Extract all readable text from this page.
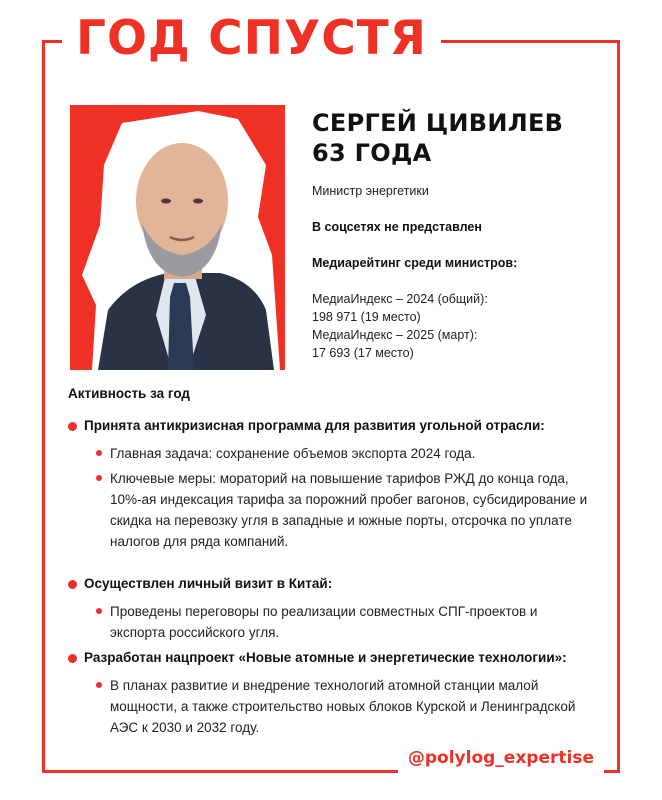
ГОД СПУСТЯ
СЕРГЕЙ ЦИВИЛЕВ
63 ГОДА
Министр энергетики
В соцсетях не представлен
Медиарейтинг среди министров:
МедиаИндекс – 2024 (общий):
198 971 (19 место)
МедиаИндекс – 2025 (март):
17 693 (17 место)
Активность за год
Принята антикризисная программа для развития угольной отрасли:
Главная задача: сохранение объемов экспорта 2024 года.
Ключевые меры: мораторий на повышение тарифов РЖД до конца года, 10%-ая индексация тарифа за порожний пробег вагонов, субсидирование и скидка на перевозку угля в западные и южные порты, отсрочка по уплате налогов для ряда компаний.
Осуществлен личный визит в Китай:
Проведены переговоры по реализации совместных СПГ-проектов и экспорта российского угля.
Разработан нацпроект «Новые атомные и энергетические технологии»:
В планах развитие и внедрение технологий атомной станции малой мощности, а также строительство новых блоков Курской и Ленинградской АЭС к 2030 и 2032 году.
@polylog_expertise
